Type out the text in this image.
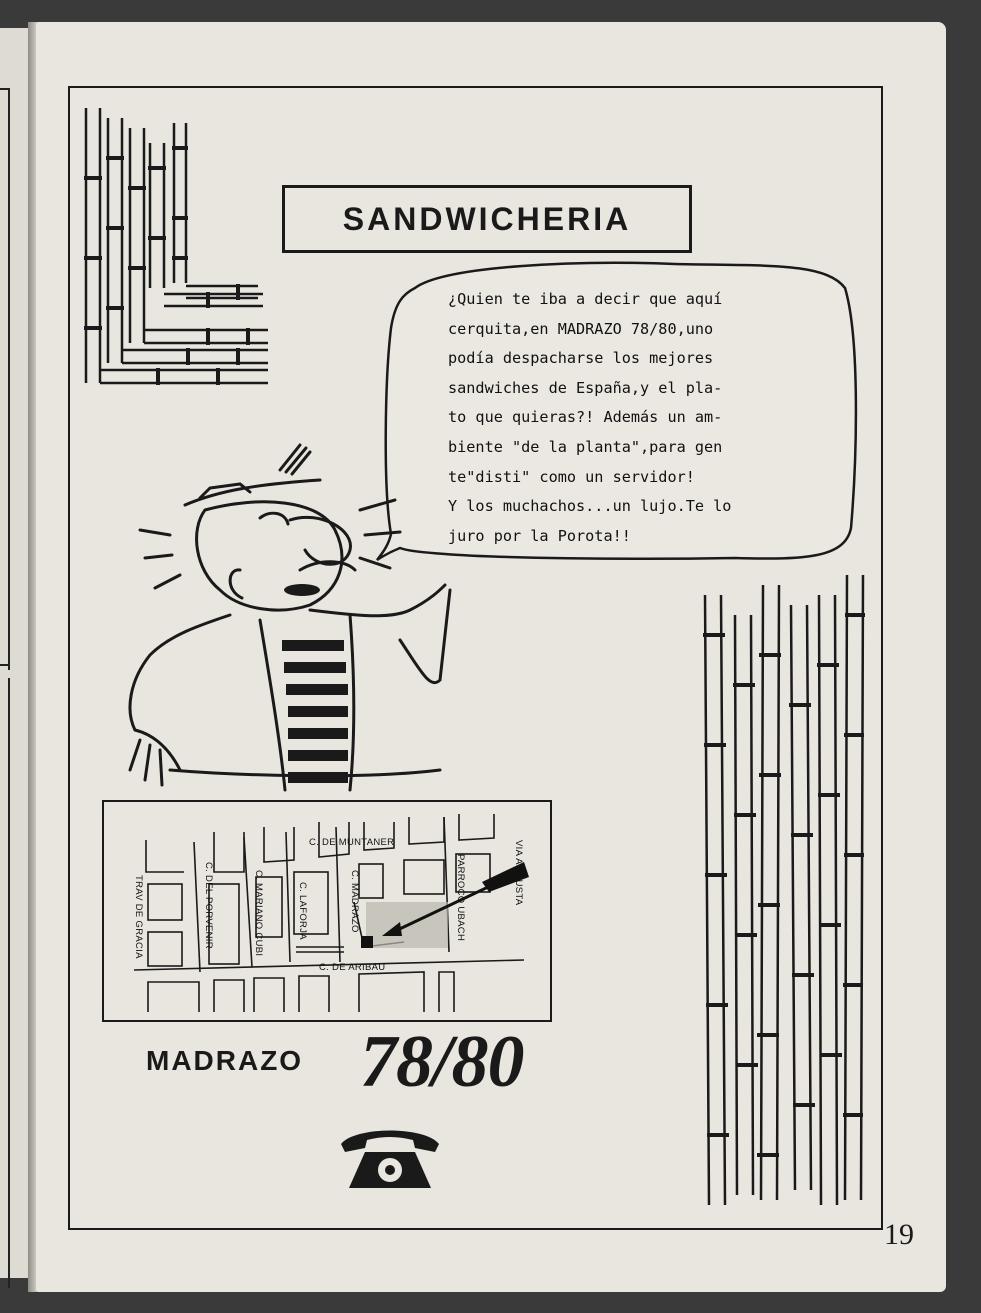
SANDWICHERIA
¿Quien te iba a decir que aquí
cerquita,en MADRAZO 78/80,uno
podía despacharse los mejores
sandwiches de España,y el pla-
to que quieras?! Además un am-
biente "de la planta",para gen
te"disti" como un servidor!
Y los muchachos...un lujo.Te lo
juro por la Porota!!
C. DE MUNTANER
C. DE ARIBAU
TRAV DE GRACIA	C. DEL PORVENIR	C. MARIANO CUBI	C. LAFORJA	C. MADRAZO	PARROCO UBACH	VIA AUGUSTA
MADRAZO 78/80
19
